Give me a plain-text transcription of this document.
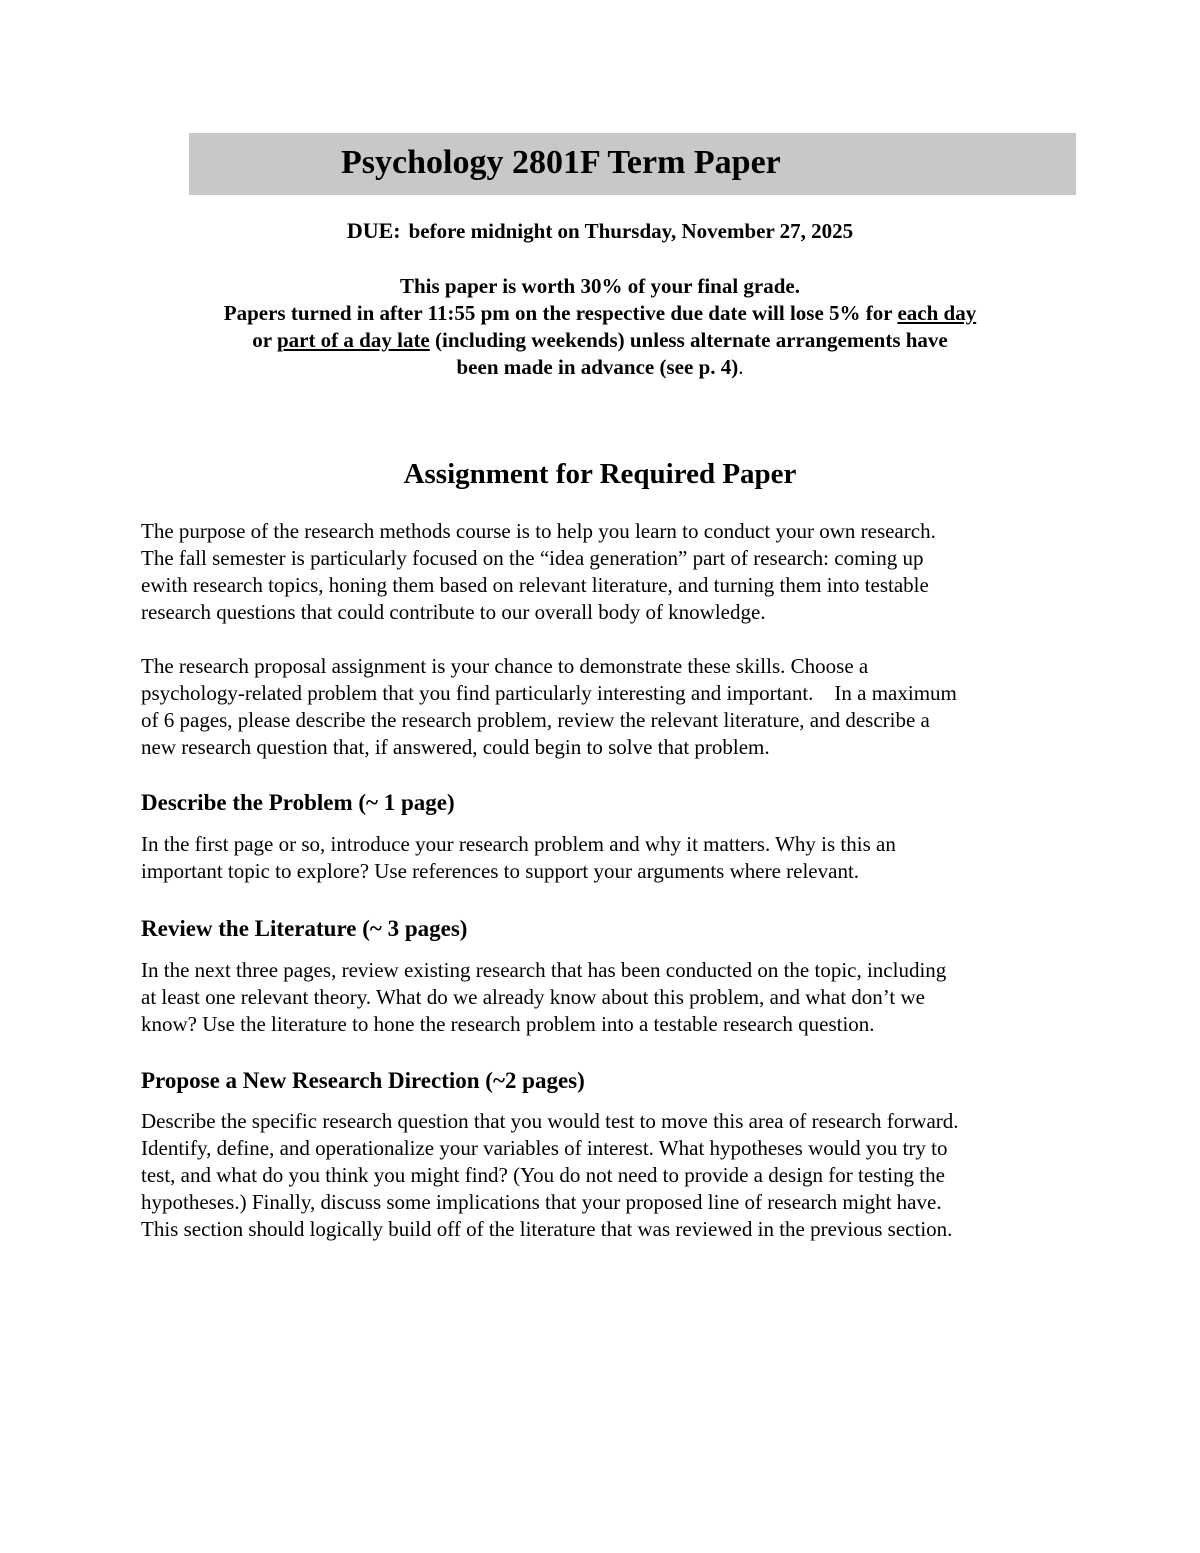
Psychology 2801F Term Paper
DUE: before midnight on Thursday, November 27, 2025
This paper is worth 30% of your final grade.
Papers turned in after 11:55 pm on the respective due date will lose 5% for each day
or part of a day late (including weekends) unless alternate arrangements have
been made in advance (see p. 4).
Assignment for Required Paper
The purpose of the research methods course is to help you learn to conduct your own research.
The fall semester is particularly focused on the “idea generation” part of research: coming up
ewith research topics, honing them based on relevant literature, and turning them into testable
research questions that could contribute to our overall body of knowledge.
The research proposal assignment is your chance to demonstrate these skills. Choose a
psychology-related problem that you find particularly interesting and important.    In a maximum
of 6 pages, please describe the research problem, review the relevant literature, and describe a
new research question that, if answered, could begin to solve that problem.
Describe the Problem (~ 1 page)
In the first page or so, introduce your research problem and why it matters. Why is this an
important topic to explore? Use references to support your arguments where relevant.
Review the Literature (~ 3 pages)
In the next three pages, review existing research that has been conducted on the topic, including
at least one relevant theory. What do we already know about this problem, and what don’t we
know? Use the literature to hone the research problem into a testable research question.
Propose a New Research Direction (~2 pages)
Describe the specific research question that you would test to move this area of research forward.
Identify, define, and operationalize your variables of interest. What hypotheses would you try to
test, and what do you think you might find? (You do not need to provide a design for testing the
hypotheses.) Finally, discuss some implications that your proposed line of research might have.
This section should logically build off of the literature that was reviewed in the previous section.
